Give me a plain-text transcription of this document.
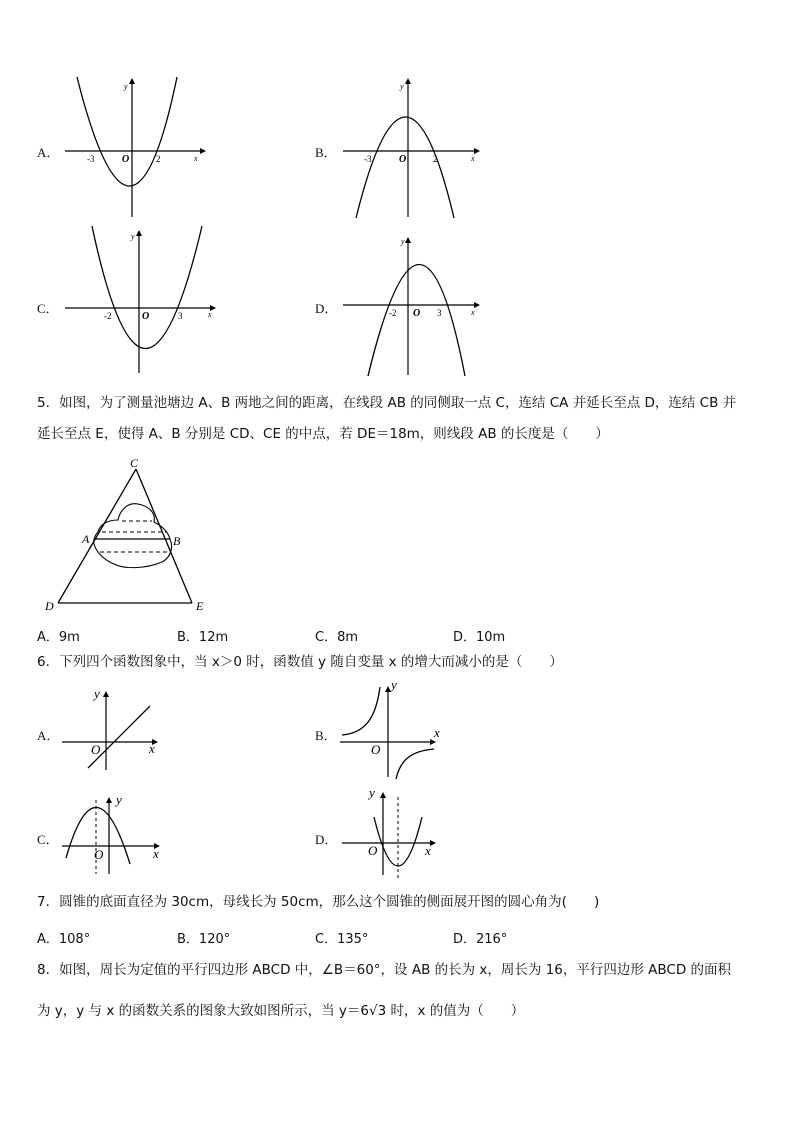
A．	-3	O	2	x
y
B．	-3	O	2	x
y
C．	-2	O	3	x
y
D．	-2 O 3	x
y
5．如图，为了测量池塘边 A、B 两地之间的距离，在线段 AB 的同侧取一点 C，连结 CA 并延长至点 D，连结 CB 并
延长至点 E，使得 A、B 分别是 CD、CE 的中点，若 DE＝18m，则线段 AB 的长度是（　　）
C
A	B
D	E
A．9m	B．12m	C．8m	D．10m
6．下列四个函数图象中，当 x＞0 时，函数值 y 随自变量 x 的增大而减小的是（　　）
A．
y
x
O
B．
y
x
O
C．
y
x
O
D．
y
x
O
7．圆锥的底面直径为 30cm，母线长为 50cm，那么这个圆锥的侧面展开图的圆心角为(　　)
A．108°	B．120°	C．135°	D．216°
8．如图，周长为定值的平行四边形 ABCD 中，∠B＝60°，设 AB 的长为 x，周长为 16，平行四边形 ABCD 的面积
为 y，y 与 x 的函数关系的图象大致如图所示，当 y＝6√3 时，x 的值为（　　）
